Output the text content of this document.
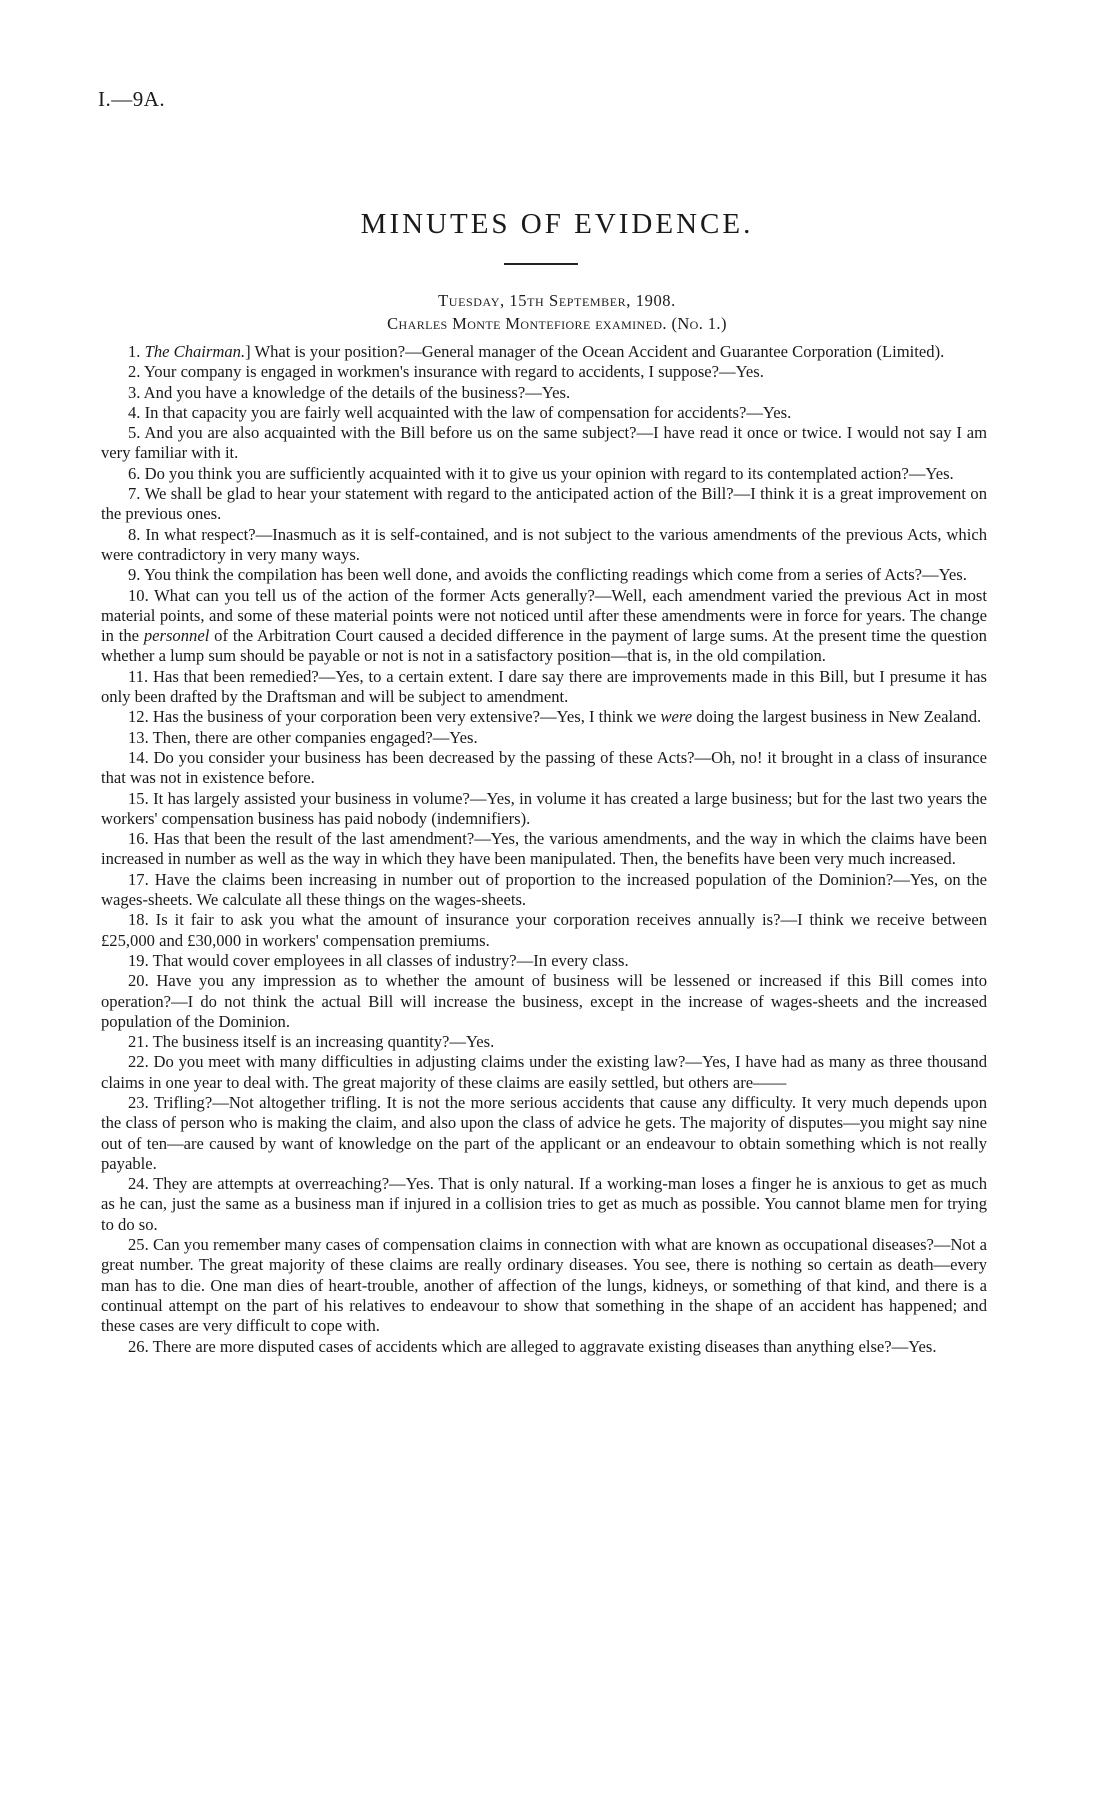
I.—9A.
MINUTES OF EVIDENCE.
Tuesday, 15th September, 1908.
Charles Monte Montefiore examined. (No. 1.)

1. The Chairman.] What is your position?—General manager of the Ocean Accident and Guarantee Corporation (Limited).

2. Your company is engaged in workmen's insurance with regard to accidents, I suppose?—Yes.

3. And you have a knowledge of the details of the business?—Yes.

4. In that capacity you are fairly well acquainted with the law of compensation for accidents?—Yes.

5. And you are also acquainted with the Bill before us on the same subject?—I have read it once or twice. I would not say I am very familiar with it.

6. Do you think you are sufficiently acquainted with it to give us your opinion with regard to its contemplated action?—Yes.

7. We shall be glad to hear your statement with regard to the anticipated action of the Bill?—I think it is a great improvement on the previous ones.

8. In what respect?—Inasmuch as it is self-contained, and is not subject to the various amendments of the previous Acts, which were contradictory in very many ways.

9. You think the compilation has been well done, and avoids the conflicting readings which come from a series of Acts?—Yes.

10. What can you tell us of the action of the former Acts generally?—Well, each amendment varied the previous Act in most material points, and some of these material points were not noticed until after these amendments were in force for years. The change in the personnel of the Arbitration Court caused a decided difference in the payment of large sums. At the present time the question whether a lump sum should be payable or not is not in a satisfactory position—that is, in the old compilation.

11. Has that been remedied?—Yes, to a certain extent. I dare say there are improvements made in this Bill, but I presume it has only been drafted by the Draftsman and will be subject to amendment.

12. Has the business of your corporation been very extensive?—Yes, I think we were doing the largest business in New Zealand.

13. Then, there are other companies engaged?—Yes.

14. Do you consider your business has been decreased by the passing of these Acts?—Oh, no! it brought in a class of insurance that was not in existence before.

15. It has largely assisted your business in volume?—Yes, in volume it has created a large business; but for the last two years the workers' compensation business has paid nobody (indemnifiers).

16. Has that been the result of the last amendment?—Yes, the various amendments, and the way in which the claims have been increased in number as well as the way in which they have been manipulated. Then, the benefits have been very much increased.

17. Have the claims been increasing in number out of proportion to the increased population of the Dominion?—Yes, on the wages-sheets. We calculate all these things on the wages-sheets.

18. Is it fair to ask you what the amount of insurance your corporation receives annually is?—I think we receive between £25,000 and £30,000 in workers' compensation premiums.

19. That would cover employees in all classes of industry?—In every class.

20. Have you any impression as to whether the amount of business will be lessened or increased if this Bill comes into operation?—I do not think the actual Bill will increase the business, except in the increase of wages-sheets and the increased population of the Dominion.

21. The business itself is an increasing quantity?—Yes.

22. Do you meet with many difficulties in adjusting claims under the existing law?—Yes, I have had as many as three thousand claims in one year to deal with. The great majority of these claims are easily settled, but others are——

23. Trifling?—Not altogether trifling. It is not the more serious accidents that cause any difficulty. It very much depends upon the class of person who is making the claim, and also upon the class of advice he gets. The majority of disputes—you might say nine out of ten—are caused by want of knowledge on the part of the applicant or an endeavour to obtain something which is not really payable.

24. They are attempts at overreaching?—Yes. That is only natural. If a working-man loses a finger he is anxious to get as much as he can, just the same as a business man if injured in a collision tries to get as much as possible. You cannot blame men for trying to do so.

25. Can you remember many cases of compensation claims in connection with what are known as occupational diseases?—Not a great number. The great majority of these claims are really ordinary diseases. You see, there is nothing so certain as death—every man has to die. One man dies of heart-trouble, another of affection of the lungs, kidneys, or something of that kind, and there is a continual attempt on the part of his relatives to endeavour to show that something in the shape of an accident has happened; and these cases are very difficult to cope with.

26. There are more disputed cases of accidents which are alleged to aggravate existing diseases than anything else?—Yes.
